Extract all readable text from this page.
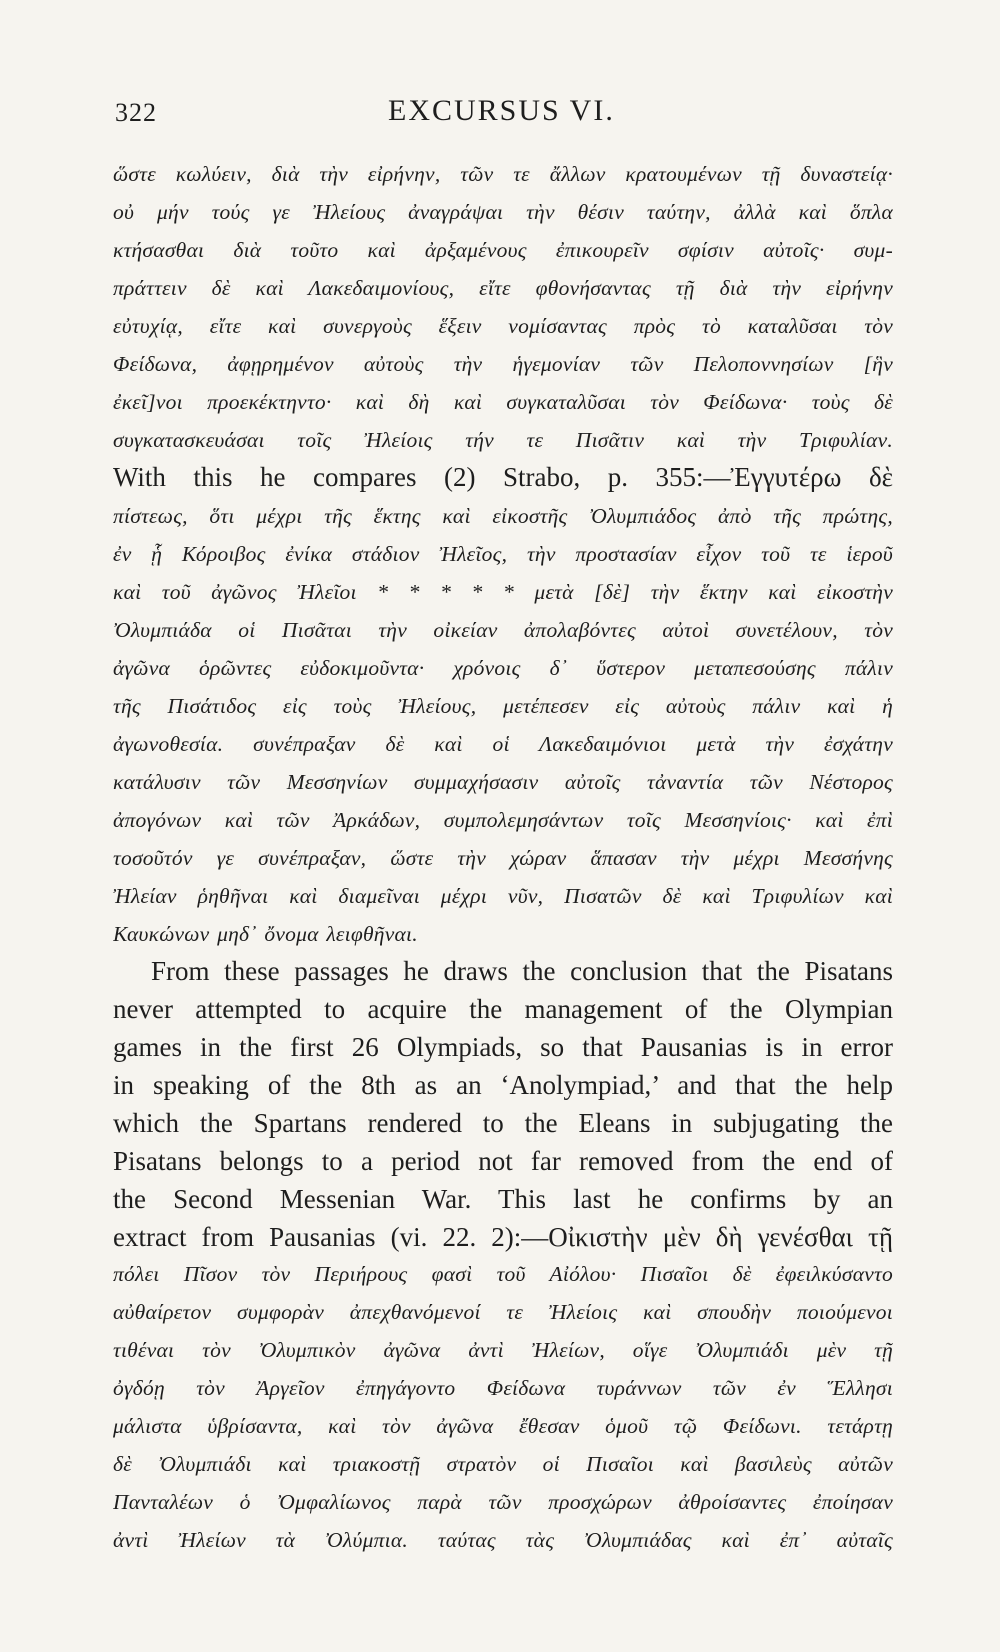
322	EXCURSUS VI.
ὥστε κωλύειν, διὰ τὴν εἰρήνην, τῶν τε ἄλλων κρατουμένων τῇ δυναστείᾳ·
οὐ μήν τούς γε Ἠλείους ἀναγράψαι τὴν θέσιν ταύτην, ἀλλὰ καὶ ὅπλα
κτήσασθαι διὰ τοῦτο καὶ ἀρξαμένους ἐπικουρεῖν σφίσιν αὐτοῖς· συμ-
πράττειν δὲ καὶ Λακεδαιμονίους, εἴτε φθονήσαντας τῇ διὰ τὴν εἰρήνην
εὐτυχίᾳ, εἴτε καὶ συνεργοὺς ἕξειν νομίσαντας πρὸς τὸ καταλῦσαι τὸν
Φείδωνα, ἀφῃρημένον αὐτοὺς τὴν ἡγεμονίαν τῶν Πελοποννησίων [ἣν
ἐκεῖ]νοι προεκέκτηντο· καὶ δὴ καὶ συγκαταλῦσαι τὸν Φείδωνα· τοὺς δὲ
συγκατασκευάσαι τοῖς Ἠλείοις τήν τε Πισᾶτιν καὶ τὴν Τριφυλίαν.
With this he compares (2) Strabo, p. 355:—Ἐγγυτέρω δὲ
πίστεως, ὅτι μέχρι τῆς ἕκτης καὶ εἰκοστῆς Ὀλυμπιάδος ἀπὸ τῆς πρώτης,
ἐν ᾗ Κόροιβος ἐνίκα στάδιον Ἠλεῖος, τὴν προστασίαν εἶχον τοῦ τε ἱεροῦ
καὶ τοῦ ἀγῶνος Ἠλεῖοι * * * * * μετὰ [δὲ] τὴν ἕκτην καὶ εἰκοστὴν
Ὀλυμπιάδα οἱ Πισᾶται τὴν οἰκείαν ἀπολαβόντες αὐτοὶ συνετέλουν, τὸν
ἀγῶνα ὁρῶντες εὐδοκιμοῦντα· χρόνοις δ᾽ ὕστερον μεταπεσούσης πάλιν
τῆς Πισάτιδος εἰς τοὺς Ἠλείους, μετέπεσεν εἰς αὐτοὺς πάλιν καὶ ἡ
ἀγωνοθεσία. συνέπραξαν δὲ καὶ οἱ Λακεδαιμόνιοι μετὰ τὴν ἐσχάτην
κατάλυσιν τῶν Μεσσηνίων συμμαχήσασιν αὐτοῖς τἀναντία τῶν Νέστορος
ἀπογόνων καὶ τῶν Ἀρκάδων, συμπολεμησάντων τοῖς Μεσσηνίοις· καὶ ἐπὶ
τοσοῦτόν γε συνέπραξαν, ὥστε τὴν χώραν ἅπασαν τὴν μέχρι Μεσσήνης
Ἠλείαν ῥηθῆναι καὶ διαμεῖναι μέχρι νῦν, Πισατῶν δὲ καὶ Τριφυλίων καὶ
Καυκώνων μηδ᾽ ὄνομα λειφθῆναι.
From these passages he draws the conclusion that the Pisatans
never attempted to acquire the management of the Olympian
games in the first 26 Olympiads, so that Pausanias is in error
in speaking of the 8th as an ‘Anolympiad,’ and that the help
which the Spartans rendered to the Eleans in subjugating the
Pisatans belongs to a period not far removed from the end of
the Second Messenian War. This last he confirms by an
extract from Pausanias (vi. 22. 2):—Οἰκιστὴν μὲν δὴ γενέσθαι τῇ
πόλει Πῖσον τὸν Περιήρους φασὶ τοῦ Αἰόλου· Πισαῖοι δὲ ἐφειλκύσαντο
αὐθαίρετον συμφορὰν ἀπεχθανόμενοί τε Ἠλείοις καὶ σπουδὴν ποιούμενοι
τιθέναι τὸν Ὀλυμπικὸν ἀγῶνα ἀντὶ Ἠλείων, οἵγε Ὀλυμπιάδι μὲν τῇ
ὀγδόῃ τὸν Ἀργεῖον ἐπηγάγοντο Φείδωνα τυράννων τῶν ἐν Ἕλλησι
μάλιστα ὑβρίσαντα, καὶ τὸν ἀγῶνα ἔθεσαν ὁμοῦ τῷ Φείδωνι. τετάρτῃ
δὲ Ὀλυμπιάδι καὶ τριακοστῇ στρατὸν οἱ Πισαῖοι καὶ βασιλεὺς αὐτῶν
Πανταλέων ὁ Ὀμφαλίωνος παρὰ τῶν προσχώρων ἀθροίσαντες ἐποίησαν
ἀντὶ Ἠλείων τὰ Ὀλύμπια. ταύτας τὰς Ὀλυμπιάδας καὶ ἐπ᾽ αὐταῖς
